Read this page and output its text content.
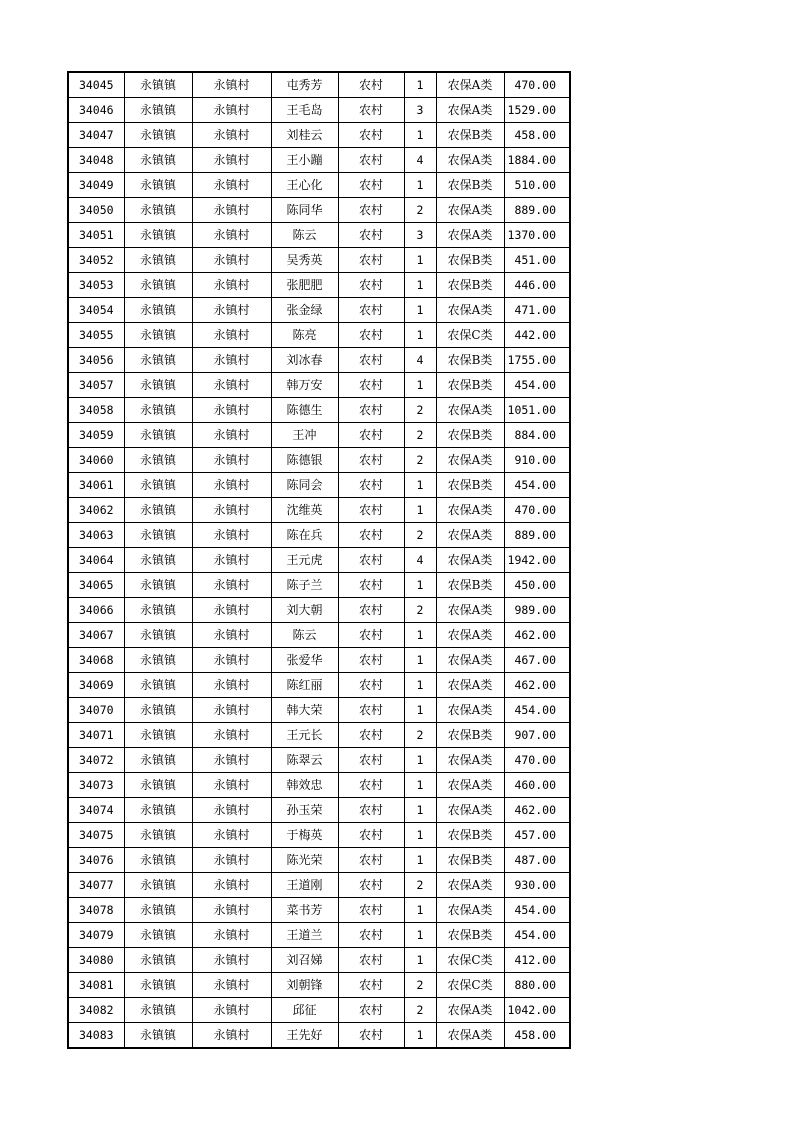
34045	永镇镇	永镇村	屯秀芳	农村	1	农保A类	470.00
34046	永镇镇	永镇村	王毛岛	农村	3	农保A类	1529.00
34047	永镇镇	永镇村	刘桂云	农村	1	农保B类	458.00
34048	永镇镇	永镇村	王小蹦	农村	4	农保A类	1884.00
34049	永镇镇	永镇村	王心化	农村	1	农保B类	510.00
34050	永镇镇	永镇村	陈同华	农村	2	农保A类	889.00
34051	永镇镇	永镇村	陈云	农村	3	农保A类	1370.00
34052	永镇镇	永镇村	吴秀英	农村	1	农保B类	451.00
34053	永镇镇	永镇村	张肥肥	农村	1	农保B类	446.00
34054	永镇镇	永镇村	张金绿	农村	1	农保A类	471.00
34055	永镇镇	永镇村	陈亮	农村	1	农保C类	442.00
34056	永镇镇	永镇村	刘冰春	农村	4	农保B类	1755.00
34057	永镇镇	永镇村	韩万安	农村	1	农保B类	454.00
34058	永镇镇	永镇村	陈德生	农村	2	农保A类	1051.00
34059	永镇镇	永镇村	王冲	农村	2	农保B类	884.00
34060	永镇镇	永镇村	陈德银	农村	2	农保A类	910.00
34061	永镇镇	永镇村	陈同会	农村	1	农保B类	454.00
34062	永镇镇	永镇村	沈维英	农村	1	农保A类	470.00
34063	永镇镇	永镇村	陈在兵	农村	2	农保A类	889.00
34064	永镇镇	永镇村	王元虎	农村	4	农保A类	1942.00
34065	永镇镇	永镇村	陈子兰	农村	1	农保B类	450.00
34066	永镇镇	永镇村	刘大朝	农村	2	农保A类	989.00
34067	永镇镇	永镇村	陈云	农村	1	农保A类	462.00
34068	永镇镇	永镇村	张爱华	农村	1	农保A类	467.00
34069	永镇镇	永镇村	陈红丽	农村	1	农保A类	462.00
34070	永镇镇	永镇村	韩大荣	农村	1	农保A类	454.00
34071	永镇镇	永镇村	王元长	农村	2	农保B类	907.00
34072	永镇镇	永镇村	陈翠云	农村	1	农保A类	470.00
34073	永镇镇	永镇村	韩效忠	农村	1	农保A类	460.00
34074	永镇镇	永镇村	孙玉荣	农村	1	农保A类	462.00
34075	永镇镇	永镇村	于梅英	农村	1	农保B类	457.00
34076	永镇镇	永镇村	陈光荣	农村	1	农保B类	487.00
34077	永镇镇	永镇村	王道刚	农村	2	农保A类	930.00
34078	永镇镇	永镇村	菜书芳	农村	1	农保A类	454.00
34079	永镇镇	永镇村	王道兰	农村	1	农保B类	454.00
34080	永镇镇	永镇村	刘召娣	农村	1	农保C类	412.00
34081	永镇镇	永镇村	刘朝锋	农村	2	农保C类	880.00
34082	永镇镇	永镇村	邱征	农村	2	农保A类	1042.00
34083	永镇镇	永镇村	王先好	农村	1	农保A类	458.00
